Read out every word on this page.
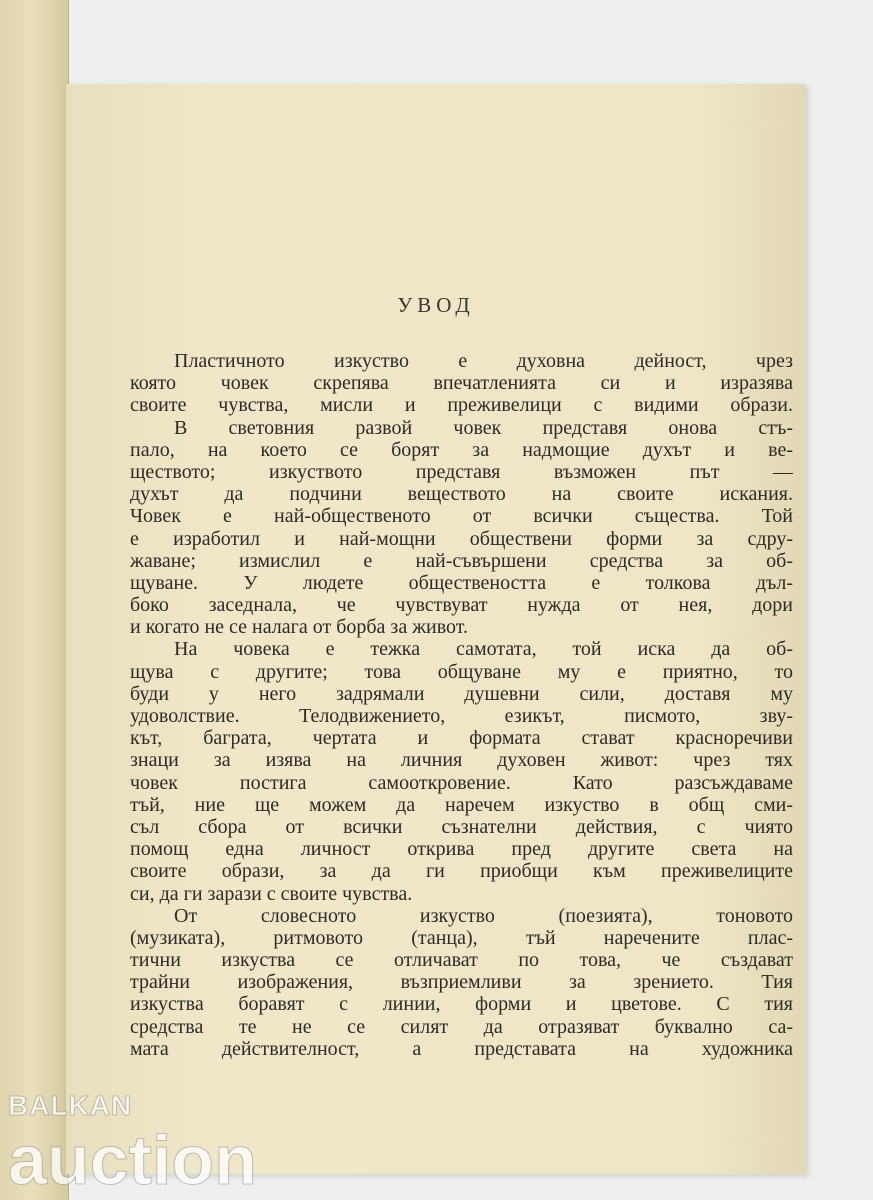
УВОД
Пластичното изкуство е духовна дейност, чрез
която човек скрепява впечатленията си и изразява
своите чувства, мисли и преживелици с видими образи.
В световния развой човек представя онова стъ-
пало, на което се борят за надмощие духът и ве-
ществото; изкуството представя възможен път —
духът да подчини веществото на своите искания.
Човек е най-общественото от всички същества. Той
е изработил и най-мощни обществени форми за сдру-
жаване; измислил е най-съвършени средства за об-
щуване. У людете обществеността е толкова дъл-
боко заседнала, че чувствуват нужда от нея, дори
и когато не се налага от борба за живот.
На човека е тежка самотата, той иска да об-
щува с другите; това общуване му е приятно, то
буди у него задрямали душевни сили, доставя му
удоволствие. Телодвижението, езикът, писмото, зву-
кът, баграта, чертата и формата стават красноречиви
знаци за изява на личния духовен живот: чрез тях
човек постига самооткровение. Като разсъждаваме
тъй, ние ще можем да наречем изкуство в общ сми-
съл сбора от всички съзнателни действия, с чиято
помощ една личност открива пред другите света на
своите образи, за да ги приобщи към преживелиците
си, да ги зарази с своите чувства.
От словесното изкуство (поезията), тоновото
(музиката), ритмовото (танца), тъй наречените плас-
тични изкуства се отличават по това, че създават
трайни изображения, възприемливи за зрението. Тия
изкуства боравят с линии, форми и цветове. С тия
средства те не се силят да отразяват буквално са-
мата действителност, а представата на художника
BALKAN
auction
